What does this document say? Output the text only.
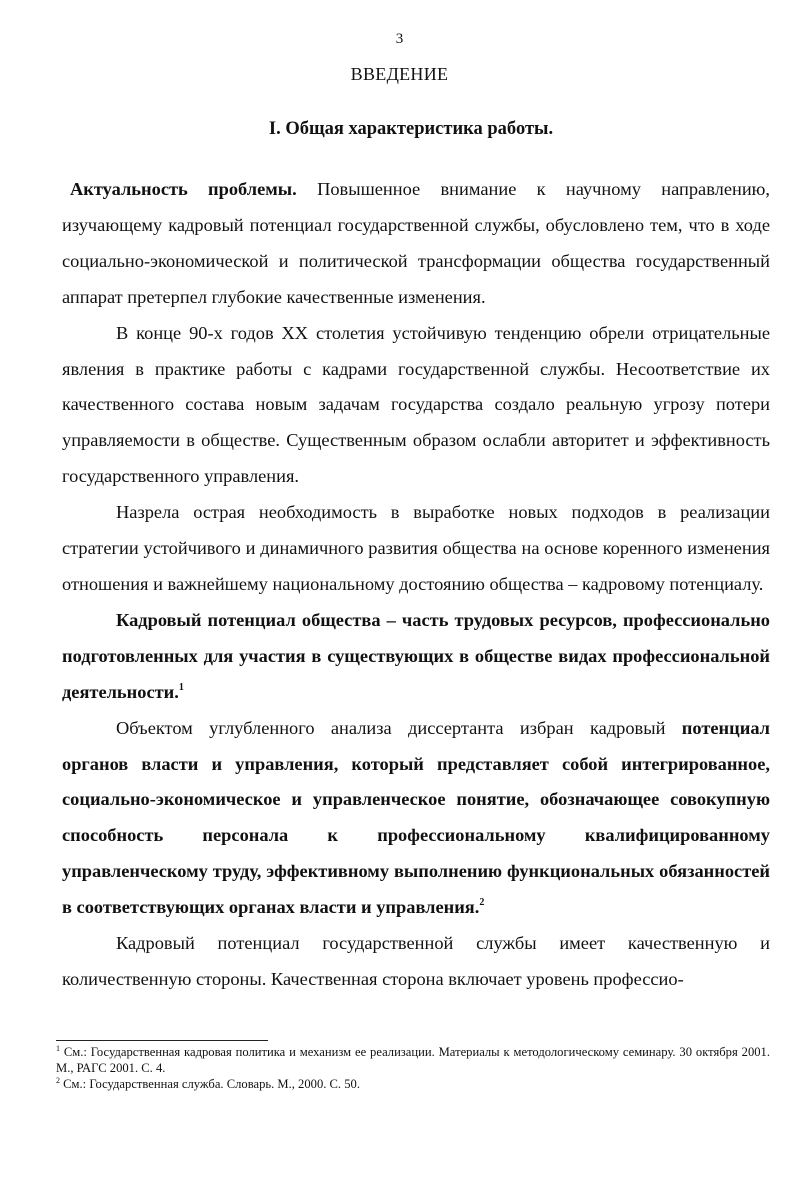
3
ВВЕДЕНИЕ
I. Общая характеристика работы.

Актуальность проблемы. Повышенное внимание к научному направлению, изучающему кадровый потенциал государственной службы, обусловлено тем, что в ходе социально-экономической и политической трансформации общества государственный аппарат претерпел глубокие качественные изменения.

В конце 90-х годов XX столетия устойчивую тенденцию обрели отрицательные явления в практике работы с кадрами государственной службы. Несоответствие их качественного состава новым задачам государства создало реальную угрозу потери управляемости в обществе. Существенным образом ослабли авторитет и эффективность государственного управления.

Назрела острая необходимость в выработке новых подходов в реализации стратегии устойчивого и динамичного развития общества на основе коренного изменения отношения и важнейшему национальному достоянию общества – кадровому потенциалу.

Кадровый потенциал общества – часть трудовых ресурсов, профессионально подготовленных для участия в существующих в обществе видах профессиональной деятельности.$^1$

Объектом углубленного анализа диссертанта избран кадровый потенциал органов власти и управления, который представляет собой интегрированное, социально-экономическое и управленческое понятие, обозначающее совокупную способность персонала к профессиональному квалифицированному управленческому труду, эффективному выполнению функциональных обязанностей в соответствующих органах власти и управления.$^2$

Кадровый потенциал государственной службы имеет качественную и количественную стороны. Качественная сторона включает уровень профессио-

$^1$ См.: Государственная кадровая политика и механизм ее реализации. Материалы к методологическому семинару. 30 октября 2001. М., РАГС 2001. С. 4.

$^2$ См.: Государственная служба. Словарь. М., 2000. С. 50.
